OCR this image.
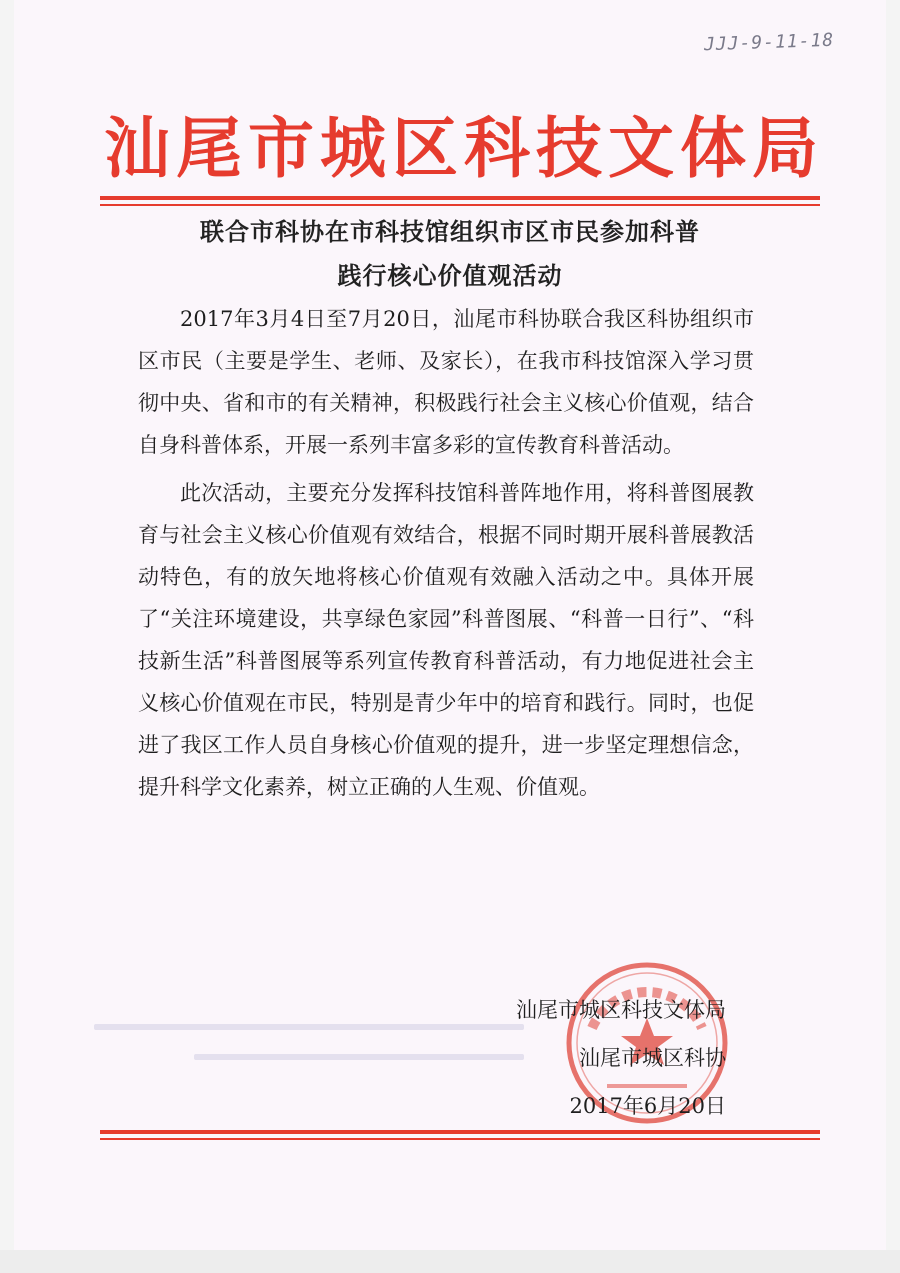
JJJ-9-11-18
汕尾市城区科技文体局
联合市科协在市科技馆组织市区市民参加科普
践行核心价值观活动

2017年3月4日至7月20日，汕尾市科协联合我区科协组织市区市民（主要是学生、老师、及家长），在我市科技馆深入学习贯彻中央、省和市的有关精神，积极践行社会主义核心价值观，结合自身科普体系，开展一系列丰富多彩的宣传教育科普活动。

此次活动，主要充分发挥科技馆科普阵地作用，将科普图展教育与社会主义核心价值观有效结合，根据不同时期开展科普展教活动特色，有的放矢地将核心价值观有效融入活动之中。具体开展了“关注环境建设，共享绿色家园”科普图展、“科普一日行”、“科技新生活”科普图展等系列宣传教育科普活动，有力地促进社会主义核心价值观在市民，特别是青少年中的培育和践行。同时，也促进了我区工作人员自身核心价值观的提升，进一步坚定理想信念，提升科学文化素养，树立正确的人生观、价值观。

汕尾市城区科技文体局
汕尾市城区科协
2017年6月20日
